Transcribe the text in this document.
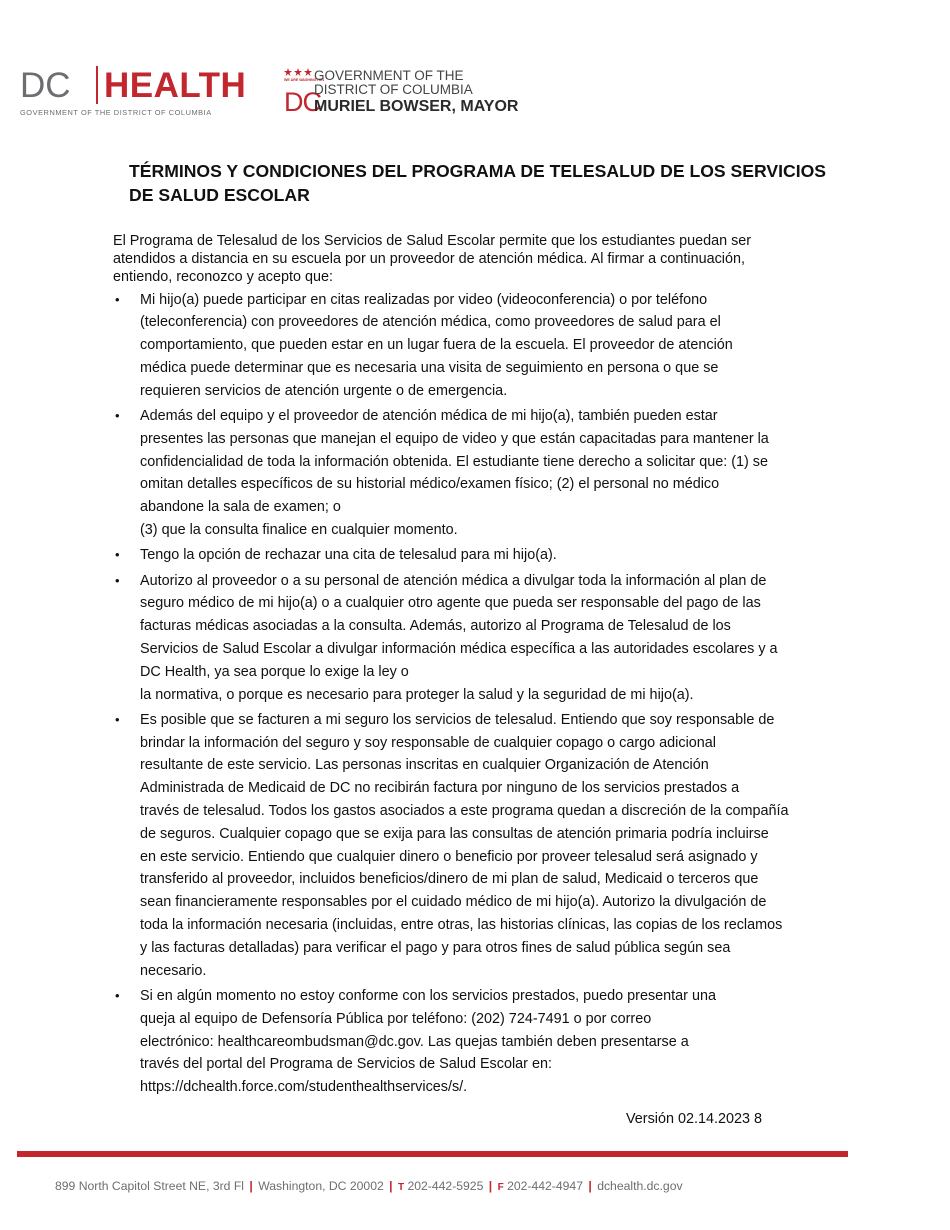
DC HEALTH
GOVERNMENT OF THE DISTRICT OF COLUMBIA
WE ARE WASHINGTON
DC
GOVERNMENT OF THE
DISTRICT OF COLUMBIA
MURIEL BOWSER, MAYOR
TÉRMINOS Y CONDICIONES DEL PROGRAMA DE TELESALUD DE LOS SERVICIOS
DE SALUD ESCOLAR

El Programa de Telesalud de los Servicios de Salud Escolar permite que los estudiantes puedan ser
atendidos a distancia en su escuela por un proveedor de atención médica. Al firmar a continuación,
entiendo, reconozco y acepto que:

• Mi hijo(a) puede participar en citas realizadas por video (videoconferencia) o por teléfono
(teleconferencia) con proveedores de atención médica, como proveedores de salud para el
comportamiento, que pueden estar en un lugar fuera de la escuela. El proveedor de atención
médica puede determinar que es necesaria una visita de seguimiento en persona o que se
requieren servicios de atención urgente o de emergencia.
• Además del equipo y el proveedor de atención médica de mi hijo(a), también pueden estar
presentes las personas que manejan el equipo de video y que están capacitadas para mantener la
confidencialidad de toda la información obtenida. El estudiante tiene derecho a solicitar que: (1) se
omitan detalles específicos de su historial médico/examen físico; (2) el personal no médico
abandone la sala de examen; o
(3) que la consulta finalice en cualquier momento.
• Tengo la opción de rechazar una cita de telesalud para mi hijo(a).
• Autorizo al proveedor o a su personal de atención médica a divulgar toda la información al plan de
seguro médico de mi hijo(a) o a cualquier otro agente que pueda ser responsable del pago de las
facturas médicas asociadas a la consulta. Además, autorizo al Programa de Telesalud de los
Servicios de Salud Escolar a divulgar información médica específica a las autoridades escolares y a
DC Health, ya sea porque lo exige la ley o
la normativa, o porque es necesario para proteger la salud y la seguridad de mi hijo(a).
• Es posible que se facturen a mi seguro los servicios de telesalud. Entiendo que soy responsable de
brindar la información del seguro y soy responsable de cualquier copago o cargo adicional
resultante de este servicio. Las personas inscritas en cualquier Organización de Atención
Administrada de Medicaid de DC no recibirán factura por ninguno de los servicios prestados a
través de telesalud. Todos los gastos asociados a este programa quedan a discreción de la compañía
de seguros. Cualquier copago que se exija para las consultas de atención primaria podría incluirse
en este servicio. Entiendo que cualquier dinero o beneficio por proveer telesalud será asignado y
transferido al proveedor, incluidos beneficios/dinero de mi plan de salud, Medicaid o terceros que
sean financieramente responsables por el cuidado médico de mi hijo(a). Autorizo la divulgación de
toda la información necesaria (incluidas, entre otras, las historias clínicas, las copias de los reclamos
y las facturas detalladas) para verificar el pago y para otros fines de salud pública según sea
necesario.
• Si en algún momento no estoy conforme con los servicios prestados, puedo presentar una
queja al equipo de Defensoría Pública por teléfono: (202) 724-7491 o por correo
electrónico: healthcareombudsman@dc.gov. Las quejas también deben presentarse a
través del portal del Programa de Servicios de Salud Escolar en:
https://dchealth.force.com/studenthealthservices/s/.
Versión 02.14.2023 8
899 North Capitol Street NE, 3rd Fl | Washington, DC 20002 | T 202-442-5925 | F 202-442-4947 | dchealth.dc.gov
